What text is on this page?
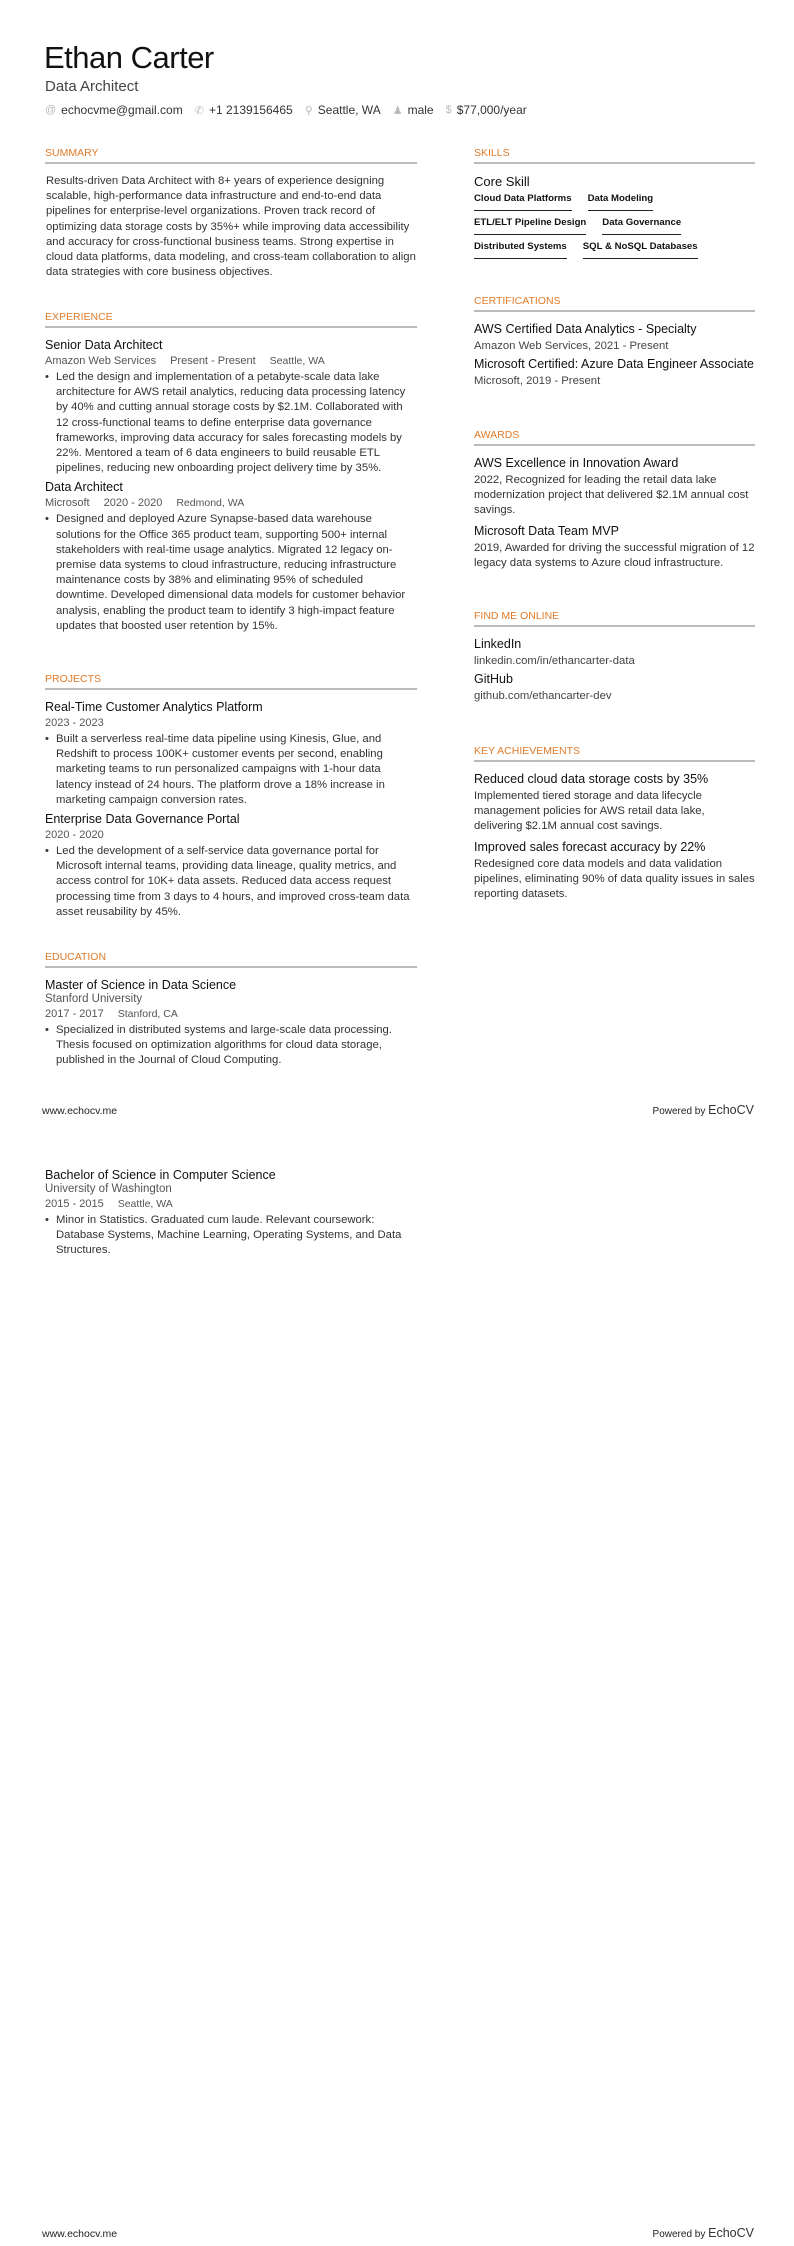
Ethan Carter
Data Architect
@ echocvme@gmail.com ✆ +1 2139156465 ⚲ Seattle, WA ♟ male $ $77,000/year
SUMMARY
Results-driven Data Architect with 8+ years of experience designing scalable, high-performance data infrastructure and end-to-end data pipelines for enterprise-level organizations. Proven track record of optimizing data storage costs by 35%+ while improving data accessibility and accuracy for cross-functional business teams. Strong expertise in cloud data platforms, data modeling, and cross-team collaboration to align data strategies with core business objectives.
EXPERIENCE
Senior Data Architect
Amazon Web Services Present - Present Seattle, WA
• Led the design and implementation of a petabyte-scale data lake architecture for AWS retail analytics, reducing data processing latency by 40% and cutting annual storage costs by $2.1M. Collaborated with 12 cross-functional teams to define enterprise data governance frameworks, improving data accuracy for sales forecasting models by 22%. Mentored a team of 6 data engineers to build reusable ETL pipelines, reducing new onboarding project delivery time by 35%.
Data Architect
Microsoft 2020 - 2020 Redmond, WA
• Designed and deployed Azure Synapse-based data warehouse solutions for the Office 365 product team, supporting 500+ internal stakeholders with real-time usage analytics. Migrated 12 legacy on-premise data systems to cloud infrastructure, reducing infrastructure maintenance costs by 38% and eliminating 95% of scheduled downtime. Developed dimensional data models for customer behavior analysis, enabling the product team to identify 3 high-impact feature updates that boosted user retention by 15%.
PROJECTS
Real-Time Customer Analytics Platform
2023 - 2023
• Built a serverless real-time data pipeline using Kinesis, Glue, and Redshift to process 100K+ customer events per second, enabling marketing teams to run personalized campaigns with 1-hour data latency instead of 24 hours. The platform drove a 18% increase in marketing campaign conversion rates.
Enterprise Data Governance Portal
2020 - 2020
• Led the development of a self-service data governance portal for Microsoft internal teams, providing data lineage, quality metrics, and access control for 10K+ data assets. Reduced data access request processing time from 3 days to 4 hours, and improved cross-team data asset reusability by 45%.
EDUCATION
Master of Science in Data Science
Stanford University
2017 - 2017 Stanford, CA
• Specialized in distributed systems and large-scale data processing. Thesis focused on optimization algorithms for cloud data storage, published in the Journal of Cloud Computing.
Bachelor of Science in Computer Science
University of Washington
2015 - 2015 Seattle, WA
• Minor in Statistics. Graduated cum laude. Relevant coursework: Database Systems, Machine Learning, Operating Systems, and Data Structures.
SKILLS
Core Skill
Cloud Data Platforms Data Modeling
ETL/ELT Pipeline Design Data Governance
Distributed Systems SQL & NoSQL Databases
CERTIFICATIONS
AWS Certified Data Analytics - Specialty
Amazon Web Services, 2021 - Present
Microsoft Certified: Azure Data Engineer Associate
Microsoft, 2019 - Present
AWARDS
AWS Excellence in Innovation Award
2022, Recognized for leading the retail data lake modernization project that delivered $2.1M annual cost savings.
Microsoft Data Team MVP
2019, Awarded for driving the successful migration of 12 legacy data systems to Azure cloud infrastructure.
FIND ME ONLINE
LinkedIn
linkedin.com/in/ethancarter-data
GitHub
github.com/ethancarter-dev
KEY ACHIEVEMENTS
Reduced cloud data storage costs by 35%
Implemented tiered storage and data lifecycle management policies for AWS retail data lake, delivering $2.1M annual cost savings.
Improved sales forecast accuracy by 22%
Redesigned core data models and data validation pipelines, eliminating 90% of data quality issues in sales reporting datasets.
www.echocv.me	Powered by EchoCV
www.echocv.me	Powered by EchoCV
